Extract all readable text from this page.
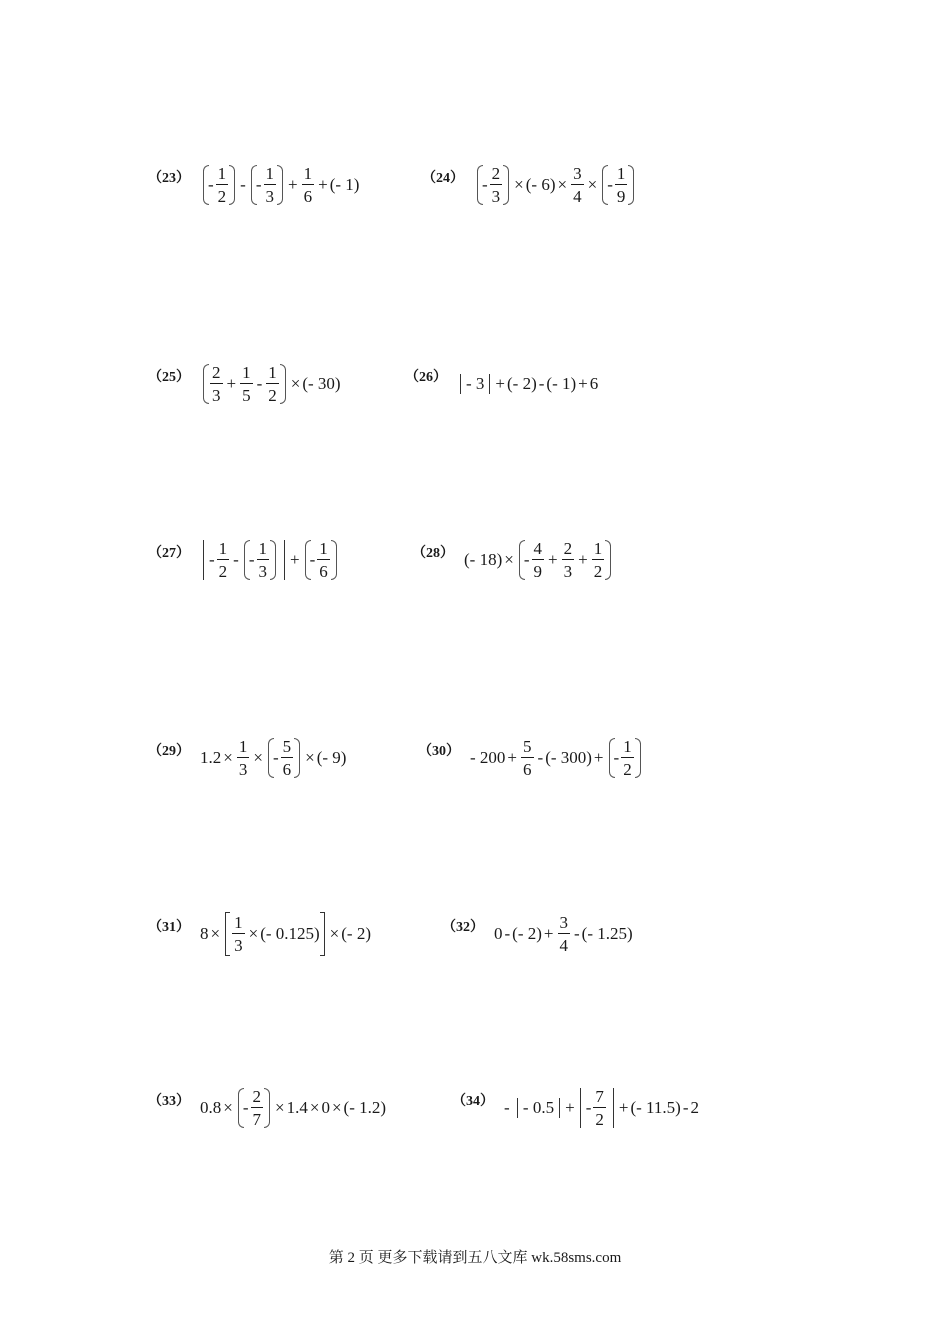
$(23) - \frac{1}{2}$ - - $\frac{1}{3} + \frac{1}{6}$ + (- 1)	$(24) - \frac{2}{3}$ × (- $6) \times \frac{3}{4}$ × - $\frac{1}{9}$
$(25) \frac{2}{3} + \frac{1}{5} - \frac{1}{2}$ × (- 30)	（26）	- 3 + (- 2) - (- 1) + 6
（27）	- $\frac{1}{2}$ - - $\frac{1}{3}$ + - $\frac{1}{6}$	（28） (- 18) × - $\frac{4}{9} + \frac{2}{3} + \frac{1}{2}$
（29） $1.2 \times \frac{1}{3}$ × - $\frac{5}{6}$ × (- 9)	$(30) - 200 + \frac{5}{6}$ - (- 300) + - $\frac{1}{2}$
（31） $8 \times \frac{1}{3}$ × (- 0.125) × (- 2)	（32） 0 - (- $2) + \frac{3}{4}$ - (- 1.25)
（33） 0.8 × - $\frac{2}{7} \times 1.4 \times 0$ × (- 1.2)	（34） - - 0.5 + - $\frac{7}{2}$ + (- 11.5) - 2
第 2 页 更多下载请到五八文库 wk.58sms.com
